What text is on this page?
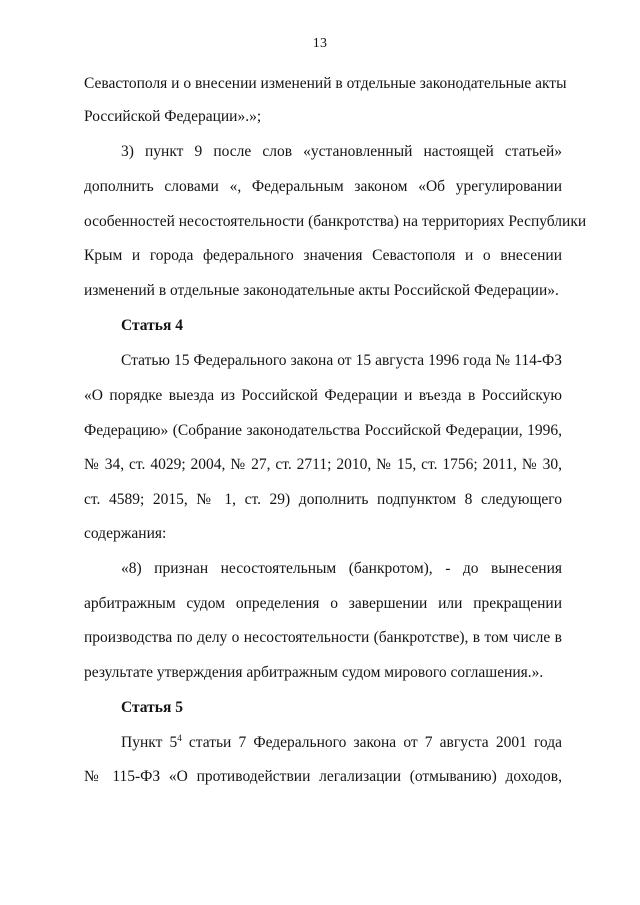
13
Севастополя и о внесении изменений в отдельные законодательные акты
Российской Федерации».»;
3) пункт 9 после слов «установленный настоящей статьей»
дополнить словами «, Федеральным законом «Об урегулировании
особенностей несостоятельности (банкротства) на территориях Республики
Крым и города федерального значения Севастополя и о внесении
изменений в отдельные законодательные акты Российской Федерации».
Статья 4
Статью 15 Федерального закона от 15 августа 1996 года № 114-ФЗ
«О порядке выезда из Российской Федерации и въезда в Российскую
Федерацию» (Собрание законодательства Российской Федерации, 1996,
№ 34, ст. 4029; 2004, № 27, ст. 2711; 2010, № 15, ст. 1756; 2011, № 30,
ст. 4589; 2015, № 1, ст. 29) дополнить подпунктом 8 следующего
содержания:
«8) признан несостоятельным (банкротом), - до вынесения
арбитражным судом определения о завершении или прекращении
производства по делу о несостоятельности (банкротстве), в том числе в
результате утверждения арбитражным судом мирового соглашения.».
Статья 5
Пункт $5^4$ статьи 7 Федерального закона от 7 августа 2001 года
№ 115-ФЗ «О противодействии легализации (отмыванию) доходов,
